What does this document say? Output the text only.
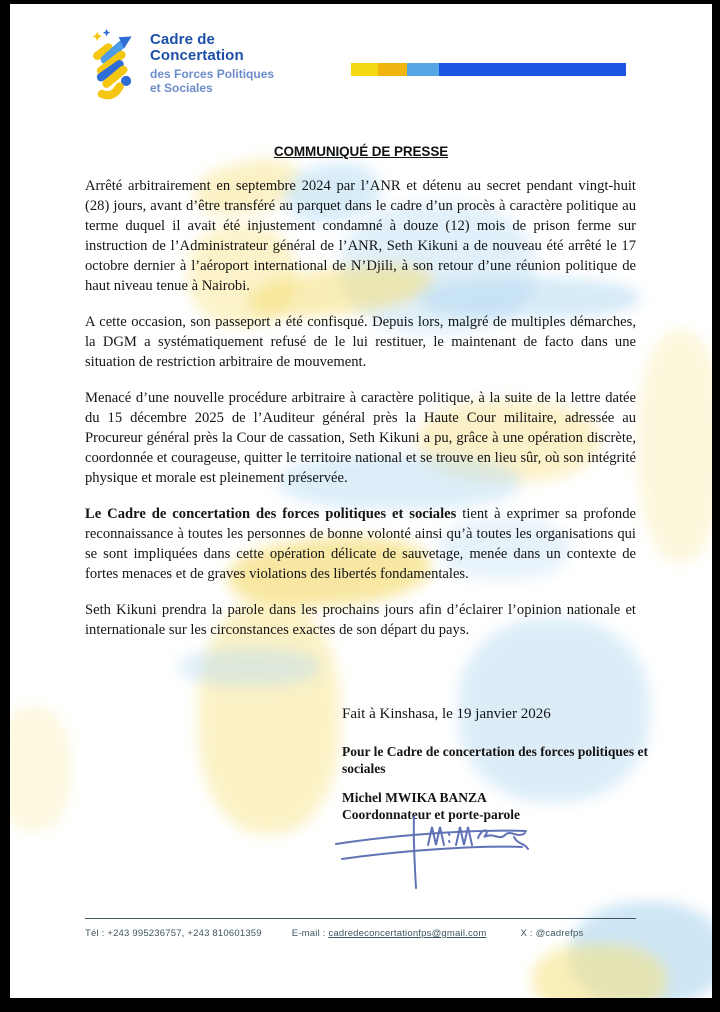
Cadre de
Concertation
des Forces Politiques
et Sociales
COMMUNIQUÉ DE PRESSE

Arrêté arbitrairement en septembre 2024 par l’ANR et détenu au secret pendant vingt-huit (28) jours, avant d’être transféré au parquet dans le cadre d’un procès à caractère politique au terme duquel il avait été injustement condamné à douze (12) mois de prison ferme sur instruction de l’Administrateur général de l’ANR, Seth Kikuni a de nouveau été arrêté le 17 octobre dernier à l’aéroport international de N’Djili, à son retour d’une réunion politique de haut niveau tenue à Nairobi.

A cette occasion, son passeport a été confisqué. Depuis lors, malgré de multiples démarches, la DGM a systématiquement refusé de le lui restituer, le maintenant de facto dans une situation de restriction arbitraire de mouvement.

Menacé d’une nouvelle procédure arbitraire à caractère politique, à la suite de la lettre datée du 15 décembre 2025 de l’Auditeur général près la Haute Cour militaire, adressée au Procureur général près la Cour de cassation, Seth Kikuni a pu, grâce à une opération discrète, coordonnée et courageuse, quitter le territoire national et se trouve en lieu sûr, où son intégrité physique et morale est pleinement préservée.

Le Cadre de concertation des forces politiques et sociales tient à exprimer sa profonde reconnaissance à toutes les personnes de bonne volonté ainsi qu’à toutes les organisations qui se sont impliquées dans cette opération délicate de sauvetage, menée dans un contexte de fortes menaces et de graves violations des libertés fondamentales.

Seth Kikuni prendra la parole dans les prochains jours afin d’éclairer l’opinion nationale et internationale sur les circonstances exactes de son départ du pays.

Fait à Kinshasa, le 19 janvier 2026
Pour le Cadre de concertation des forces politiques et sociales
Michel MWIKA BANZA
Coordonnateur et porte-parole
Tél : +243 995236757, +243 810601359	E-mail : cadredeconcertationfps@gmail.com	X : @cadrefps
